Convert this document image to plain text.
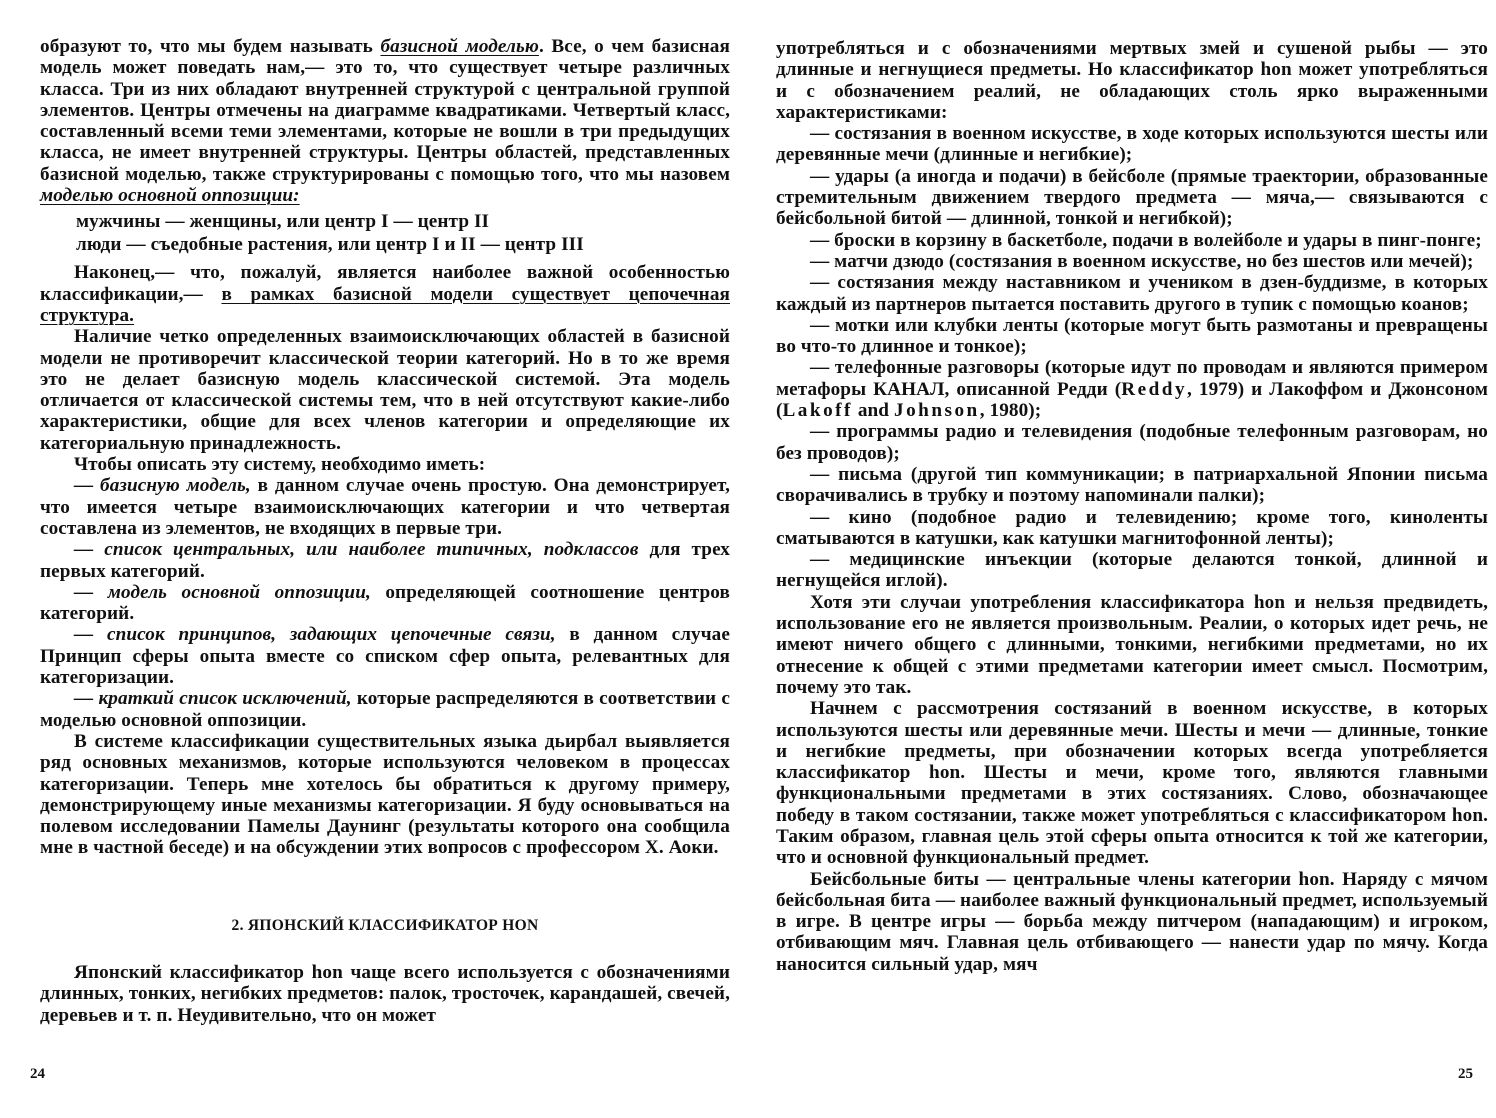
образуют то, что мы будем называть базисной моделью. Все, о чем базисная модель может поведать нам,— это то, что существует четыре различных класса. Три из них обладают внутренней структурой с центральной группой элементов. Центры отмечены на диаграмме квадратиками. Четвертый класс, составленный всеми теми элементами, которые не вошли в три предыдущих класса, не имеет внутренней структуры. Центры областей, представленных базисной моделью, также структурированы с помощью того, что мы назовем моделью основной оппозиции:

мужчины — женщины, или центр I — центр II
люди — съедобные растения, или центр I и II — центр III

Наконец,— что, пожалуй, является наиболее важной особенностью классификации,— в рамках базисной модели существует цепочечная структура.

Наличие четко определенных взаимоисключающих областей в базисной модели не противоречит классической теории категорий. Но в то же время это не делает базисную модель классической системой. Эта модель отличается от классической системы тем, что в ней отсутствуют какие-либо характеристики, общие для всех членов категории и определяющие их категориальную принадлежность.

Чтобы описать эту систему, необходимо иметь:

— базисную модель, в данном случае очень простую. Она демонстрирует, что имеется четыре взаимоисключающих категории и что четвертая составлена из элементов, не входящих в первые три.

— список центральных, или наиболее типичных, подклассов для трех первых категорий.

— модель основной оппозиции, определяющей соотношение центров категорий.

— список принципов, задающих цепочечные связи, в данном случае Принцип сферы опыта вместе со списком сфер опыта, релевантных для категоризации.

— краткий список исключений, которые распределяются в соответствии с моделью основной оппозиции.

В системе классификации существительных языка дьирбал выявляется ряд основных механизмов, которые используются человеком в процессах категоризации. Теперь мне хотелось бы обратиться к другому примеру, демонстрирующему иные механизмы категоризации. Я буду основываться на полевом исследовании Памелы Даунинг (результаты которого она сообщила мне в частной беседе) и на обсуждении этих вопросов с профессором X. Аоки.

2. ЯПОНСКИЙ КЛАССИФИКАТОР HON

Японский классификатор hon чаще всего используется с обозначениями длинных, тонких, негибких предметов: палок, тросточек, карандашей, свечей, деревьев и т. п. Неудивительно, что он может

24

употребляться и с обозначениями мертвых змей и сушеной рыбы — это длинные и негнущиеся предметы. Но классификатор hon может употребляться и с обозначением реалий, не обладающих столь ярко выраженными характеристиками:

— состязания в военном искусстве, в ходе которых используются шесты или деревянные мечи (длинные и негибкие);

— удары (а иногда и подачи) в бейсболе (прямые траектории, образованные стремительным движением твердого предмета — мяча,— связываются с бейсбольной битой — длинной, тонкой и негибкой);

— броски в корзину в баскетболе, подачи в волейболе и удары в пинг-понге;

— матчи дзюдо (состязания в военном искусстве, но без шестов или мечей);

— состязания между наставником и учеником в дзен-буддизме, в которых каждый из партнеров пытается поставить другого в тупик с помощью коанов;

— мотки или клубки ленты (которые могут быть размотаны и превращены во что-то длинное и тонкое);

— телефонные разговоры (которые идут по проводам и являются примером метафоры КАНАЛ, описанной Редди (Reddy, 1979) и Лакоффом и Джонсоном (Lakoff and Johnson, 1980);

— программы радио и телевидения (подобные телефонным разговорам, но без проводов);

— письма (другой тип коммуникации; в патриархальной Японии письма сворачивались в трубку и поэтому напоминали палки);

— кино (подобное радио и телевидению; кроме того, киноленты сматываются в катушки, как катушки магнитофонной ленты);

— медицинские инъекции (которые делаются тонкой, длинной и негнущейся иглой).

Хотя эти случаи употребления классификатора hon и нельзя предвидеть, использование его не является произвольным. Реалии, о которых идет речь, не имеют ничего общего с длинными, тонкими, негибкими предметами, но их отнесение к общей с этими предметами категории имеет смысл. Посмотрим, почему это так.

Начнем с рассмотрения состязаний в военном искусстве, в которых используются шесты или деревянные мечи. Шесты и мечи — длинные, тонкие и негибкие предметы, при обозначении которых всегда употребляется классификатор hon. Шесты и мечи, кроме того, являются главными функциональными предметами в этих состязаниях. Слово, обозначающее победу в таком состязании, также может употребляться с классификатором hon. Таким образом, главная цель этой сферы опыта относится к той же категории, что и основной функциональный предмет.

Бейсбольные биты — центральные члены категории hon. Наряду с мячом бейсбольная бита — наиболее важный функциональный предмет, используемый в игре. В центре игры — борьба между питчером (нападающим) и игроком, отбивающим мяч. Главная цель отбивающего — нанести удар по мячу. Когда наносится сильный удар, мяч

25
